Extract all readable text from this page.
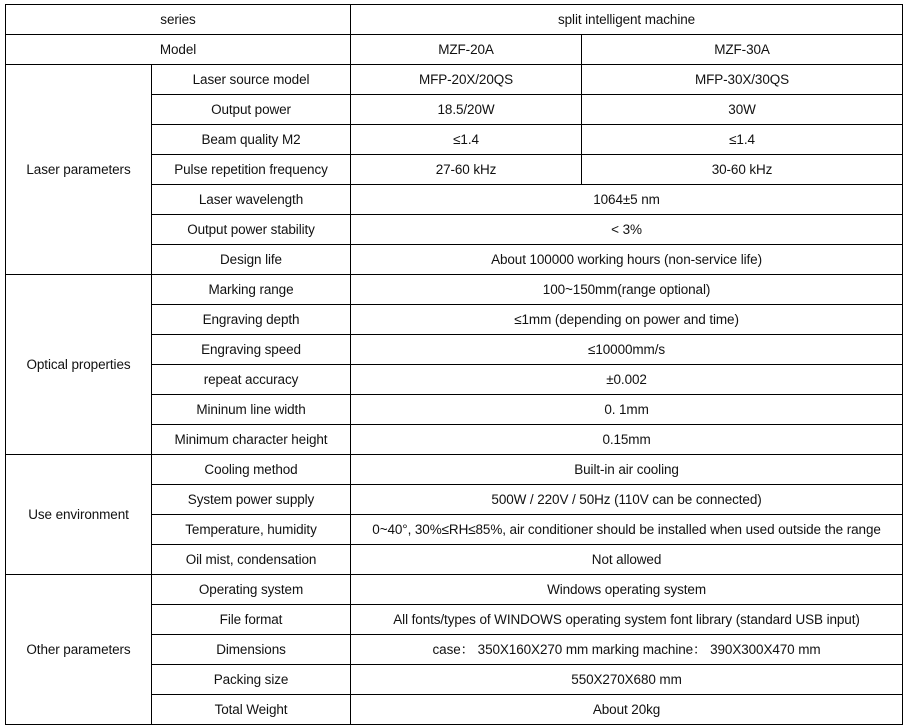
series		split intelligent machine	
Model		MZF-20A	MZF-30A
Laser parameters	Laser source model	MFP-20X/20QS	MFP-30X/30QS
	Output power	18.5/20W	30W
	Beam quality M2	≤1.4	≤1.4
	Pulse repetition frequency	27-60 kHz	30-60 kHz
	Laser wavelength	1064±5 nm	
	Output power stability	< 3%	
	Design life	About 100000 working hours (non-service life)	
Optical properties	Marking range	100~150mm(range optional)	
	Engraving depth	≤1mm (depending on power and time)	
	Engraving speed	≤10000mm/s	
	repeat accuracy	±0.002	
	Mininum line width	0. 1mm	
	Minimum character height	0.15mm	
Use environment	Cooling method	Built-in air cooling	
	System power supply	500W / 220V / 50Hz (110V can be connected)	
	Temperature, humidity	0~40°, 30%≤RH≤85%, air conditioner should be installed when used outside the range	
	Oil mist, condensation	Not allowed	
Other parameters	Operating system	Windows operating system	
	File format	All fonts/types of WINDOWS operating system font library (standard USB input)	
	Dimensions	case： 350X160X270 mm marking machine： 390X300X470 mm	
	Packing size	550X270X680 mm	
	Total Weight	About 20kg	
